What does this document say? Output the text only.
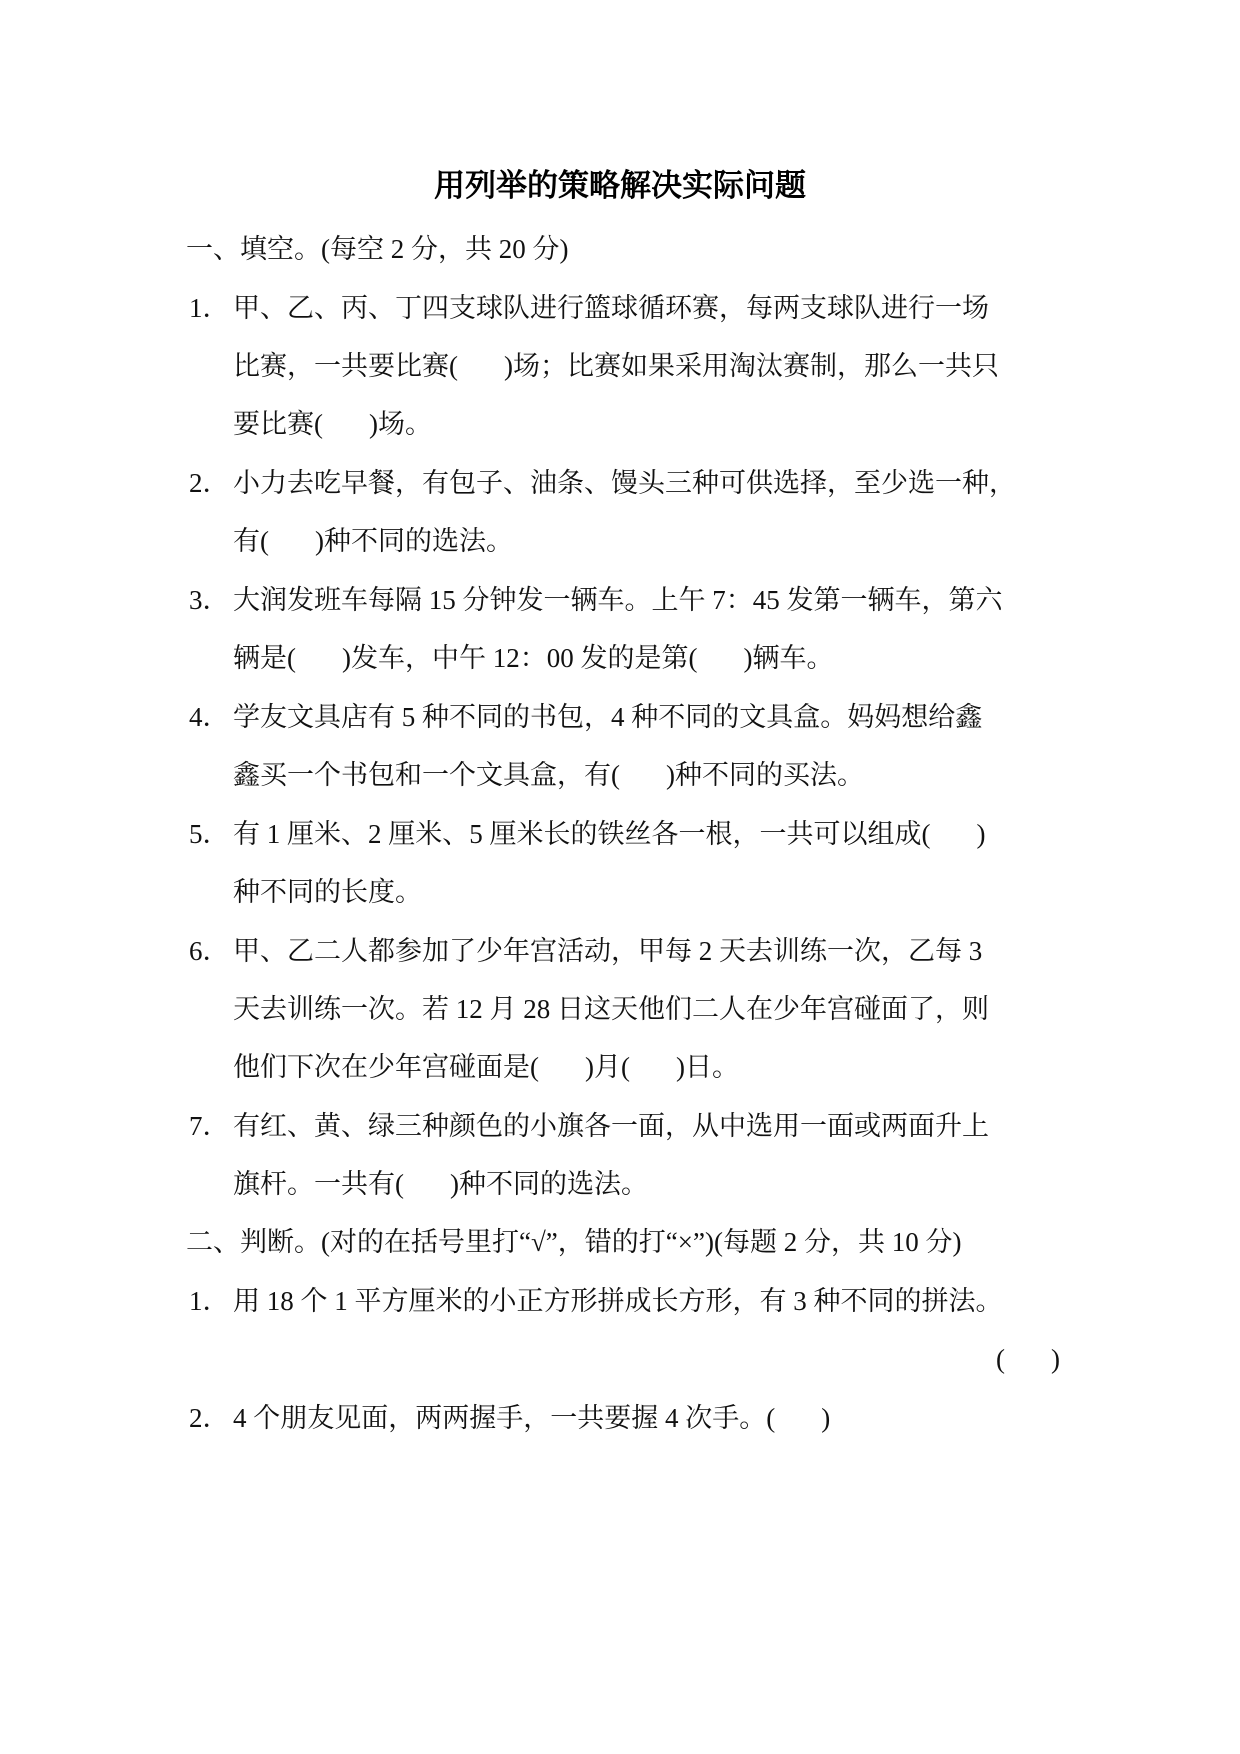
用列举的策略解决实际问题
一、填空。(每空 2 分，共 20 分)
1． 甲、乙、丙、丁四支球队进行篮球循环赛，每两支球队进行一场
比赛，一共要比赛( )场；比赛如果采用淘汰赛制，那么一共只
要比赛( )场。
2． 小力去吃早餐，有包子、油条、馒头三种可供选择，至少选一种，
有( )种不同的选法。
3． 大润发班车每隔 15 分钟发一辆车。上午 7：45 发第一辆车，第六
辆是( )发车，中午 12：00 发的是第( )辆车。
4． 学友文具店有 5 种不同的书包，4 种不同的文具盒。妈妈想给鑫
鑫买一个书包和一个文具盒，有( )种不同的买法。
5． 有 1 厘米、2 厘米、5 厘米长的铁丝各一根，一共可以组成( )
种不同的长度。
6． 甲、乙二人都参加了少年宫活动，甲每 2 天去训练一次，乙每 3
天去训练一次。若 12 月 28 日这天他们二人在少年宫碰面了，则
他们下次在少年宫碰面是( )月( )日。
7． 有红、黄、绿三种颜色的小旗各一面，从中选用一面或两面升上
旗杆。一共有( )种不同的选法。
二、判断。(对的在括号里打“√”，错的打“×”)(每题 2 分，共 10 分)
1． 用 18 个 1 平方厘米的小正方形拼成长方形，有 3 种不同的拼法。
( )
2． 4 个朋友见面，两两握手，一共要握 4 次手。( )
